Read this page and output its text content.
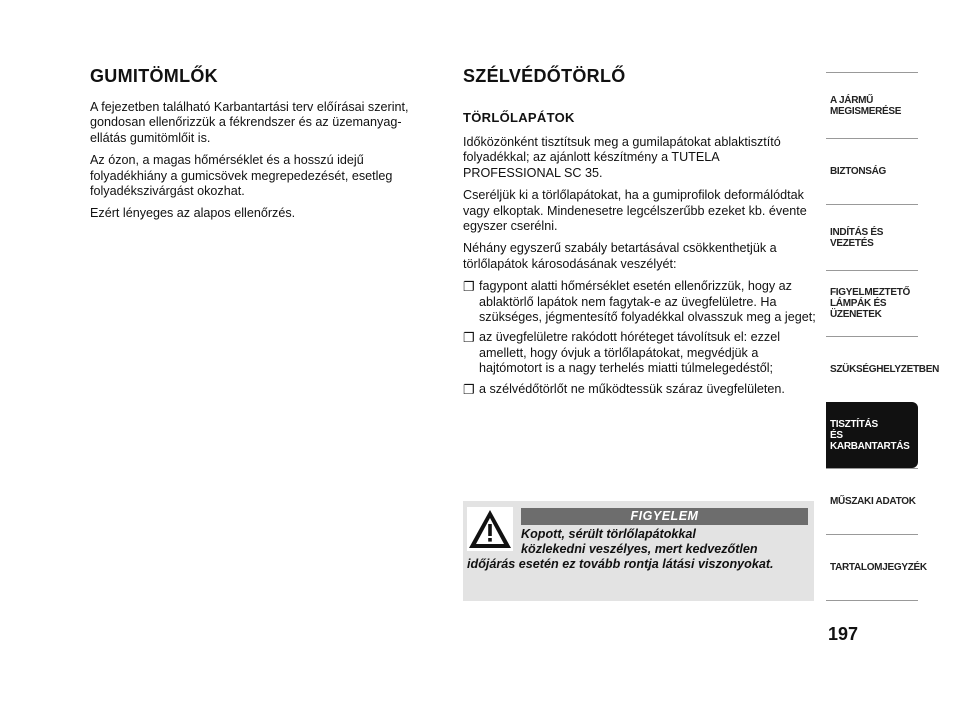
GUMITÖMLŐK

A fejezetben található Karbantartási terv előírásai szerint, gondosan ellenőrizzük a fékrendszer és az üzemanyag-ellátás gumitömlőit is.

Az ózon, a magas hőmérséklet és a hosszú idejű folyadékhiány a gumicsövek megrepedezését, esetleg folyadékszivárgást okozhat.

Ezért lényeges az alapos ellenőrzés.

SZÉLVÉDŐTÖRLŐ
TÖRLŐLAPÁTOK

Időközönként tisztítsuk meg a gumilapátokat ablaktisztító folyadékkal; az ajánlott készítmény a TUTELA PROFESSIONAL SC 35.

Cseréljük ki a törlőlapátokat, ha a gumiprofilok deformálódtak vagy elkoptak. Mindenesetre legcélszerűbb ezeket kb. évente egyszer cserélni.

Néhány egyszerű szabály betartásával csökkenthetjük a törlőlapátok károsodásának veszélyét:

❐ fagypont alatti hőmérséklet esetén ellenőrizzük, hogy az ablaktörlő lapátok nem fagytak-e az üvegfelületre. Ha szükséges, jégmentesítő folyadékkal olvasszuk meg a jeget;
❐ az üvegfelületre rakódott hóréteget távolítsuk el: ezzel amellett, hogy óvjuk a törlőlapátokat, megvédjük a hajtómotort is a nagy terhelés miatti túlmelegedéstől;
❐ a szélvédőtörlőt ne működtessük száraz üvegfelületen.
FIGYELEM
Kopott, sérült törlőlapátokkal
közlekedni veszélyes, mert kedvezőtlen
időjárás esetén ez tovább rontja látási viszonyokat.
A JÁRMŰ
MEGISMERÉSE
BIZTONSÁG
INDÍTÁS ÉS VEZETÉS
FIGYELMEZTETŐ
LÁMPÁK ÉS ÜZENETEK
SZÜKSÉGHELYZETBEN
TISZTÍTÁS
ÉS KARBANTARTÁS
MŰSZAKI ADATOK
TARTALOMJEGYZÉK
197
